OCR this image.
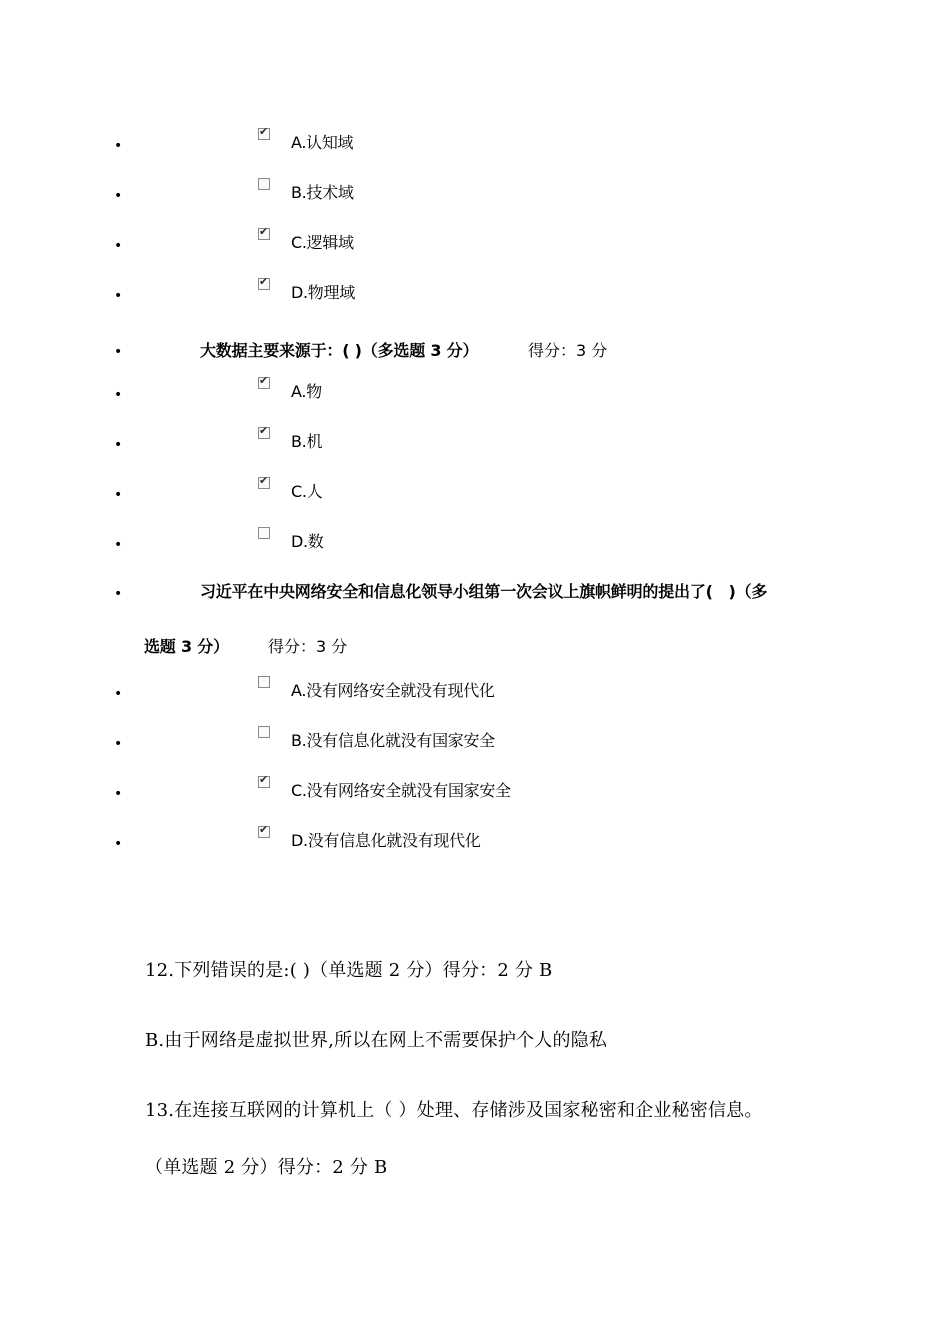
•
✔
A.认知域
•	B.技术域
•
✔
C.逻辑域
•
✔
D.物理域
•	大数据主要来源于：( )（多选题 3 分）	得分：3 分
•
✔
A.物
•
✔
B.机
•
✔
C.人
•	D.数
•	习近平在中央网络安全和信息化领导小组第一次会议上旗帜鲜明的提出了(　)（多
选题 3 分） 得分：3 分
•	A.没有网络安全就没有现代化
•	B.没有信息化就没有国家安全
•
✔
C.没有网络安全就没有国家安全
•
✔
D.没有信息化就没有现代化
12.下列错误的是:( )（单选题 2 分）得分：2 分 B
B.由于网络是虚拟世界,所以在网上不需要保护个人的隐私
13.在连接互联网的计算机上（ ）处理、存储涉及国家秘密和企业秘密信息。
（单选题 2 分）得分：2 分 B
